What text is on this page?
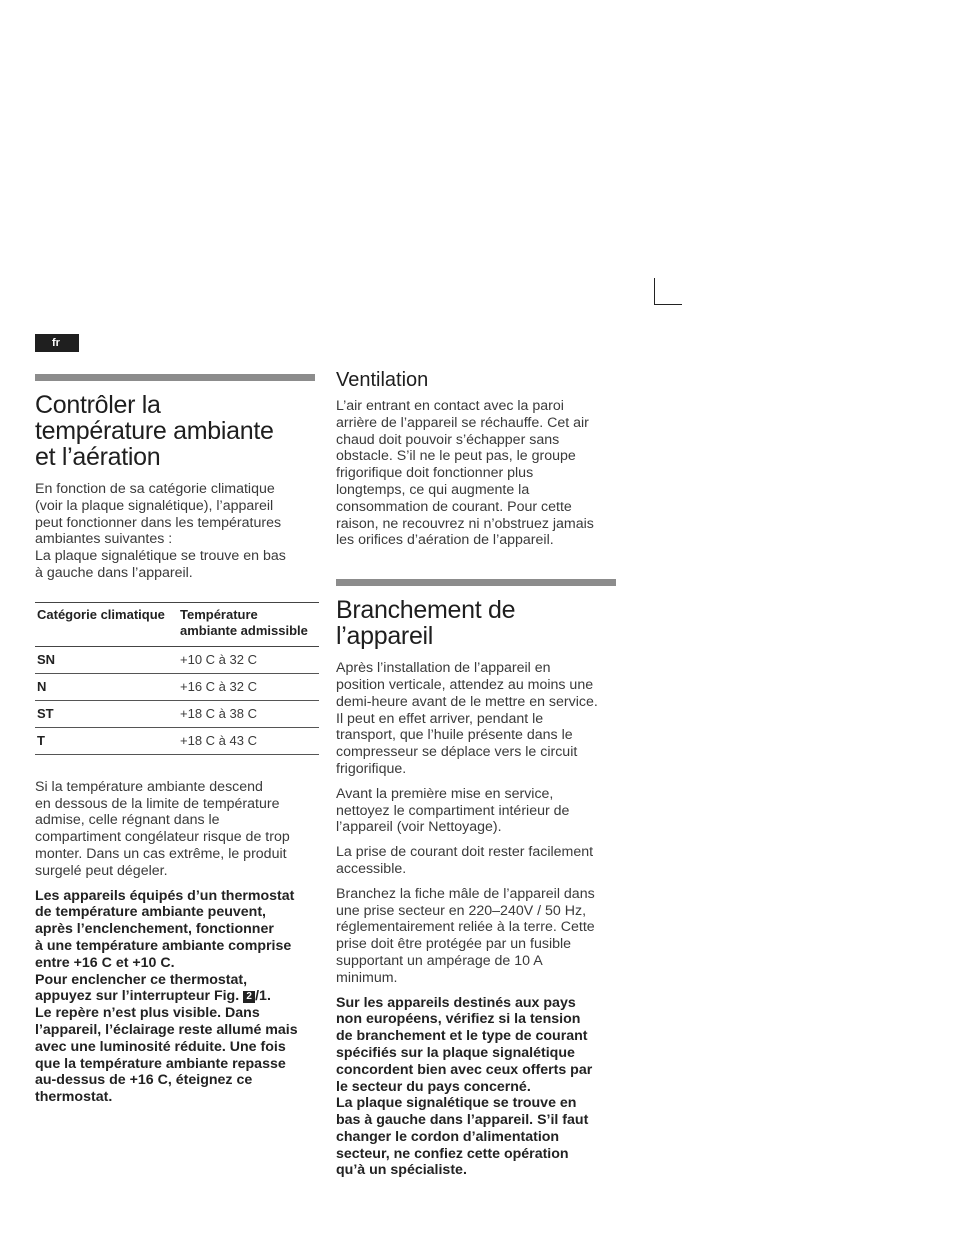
fr
Contrôler la
température ambiante
et l’aération

En fonction de sa catégorie climatique
(voir la plaque signalétique), l’appareil
peut fonctionner dans les températures
ambiantes suivantes :
La plaque signalétique se trouve en bas
à gauche dans l’appareil.

Catégorie climatique	Température
ambiante admissible
SN	+10 C à 32 C
N	+16 C à 32 C
ST	+18 C à 38 C
T	+18 C à 43 C

Si la température ambiante descend
en dessous de la limite de température
admise, celle régnant dans le
compartiment congélateur risque de trop
monter. Dans un cas extrême, le produit
surgelé peut dégeler.

Les appareils équipés d’un thermostat
de température ambiante peuvent,
après l’enclenchement, fonctionner
à une température ambiante comprise
entre +16 C et +10 C.
Pour enclencher ce thermostat,
appuyez sur l’interrupteur Fig. 2 /1.
Le repère n’est plus visible. Dans
l’appareil, l’éclairage reste allumé mais
avec une luminosité réduite. Une fois
que la température ambiante repasse
au-dessus de +16 C, éteignez ce
thermostat.

Ventilation

L’air entrant en contact avec la paroi
arrière de l’appareil se réchauffe. Cet air
chaud doit pouvoir s’échapper sans
obstacle. S’il ne le peut pas, le groupe
frigorifique doit fonctionner plus
longtemps, ce qui augmente la
consommation de courant. Pour cette
raison, ne recouvrez ni n’obstruez jamais
les orifices d’aération de l’appareil.

Branchement de
l’appareil

Après l’installation de l’appareil en
position verticale, attendez au moins une
demi-heure avant de le mettre en service.
Il peut en effet arriver, pendant le
transport, que l’huile présente dans le
compresseur se déplace vers le circuit
frigorifique.

Avant la première mise en service,
nettoyez le compartiment intérieur de
l’appareil (voir Nettoyage).

La prise de courant doit rester facilement
accessible.

Branchez la fiche mâle de l’appareil dans
une prise secteur en 220–240V / 50 Hz,
réglementairement reliée à la terre. Cette
prise doit être protégée par un fusible
supportant un ampérage de 10 A
minimum.

Sur les appareils destinés aux pays
non européens, vérifiez si la tension
de branchement et le type de courant
spécifiés sur la plaque signalétique
concordent bien avec ceux offerts par
le secteur du pays concerné.
La plaque signalétique se trouve en
bas à gauche dans l’appareil. S’il faut
changer le cordon d’alimentation
secteur, ne confiez cette opération
qu’à un spécialiste.
